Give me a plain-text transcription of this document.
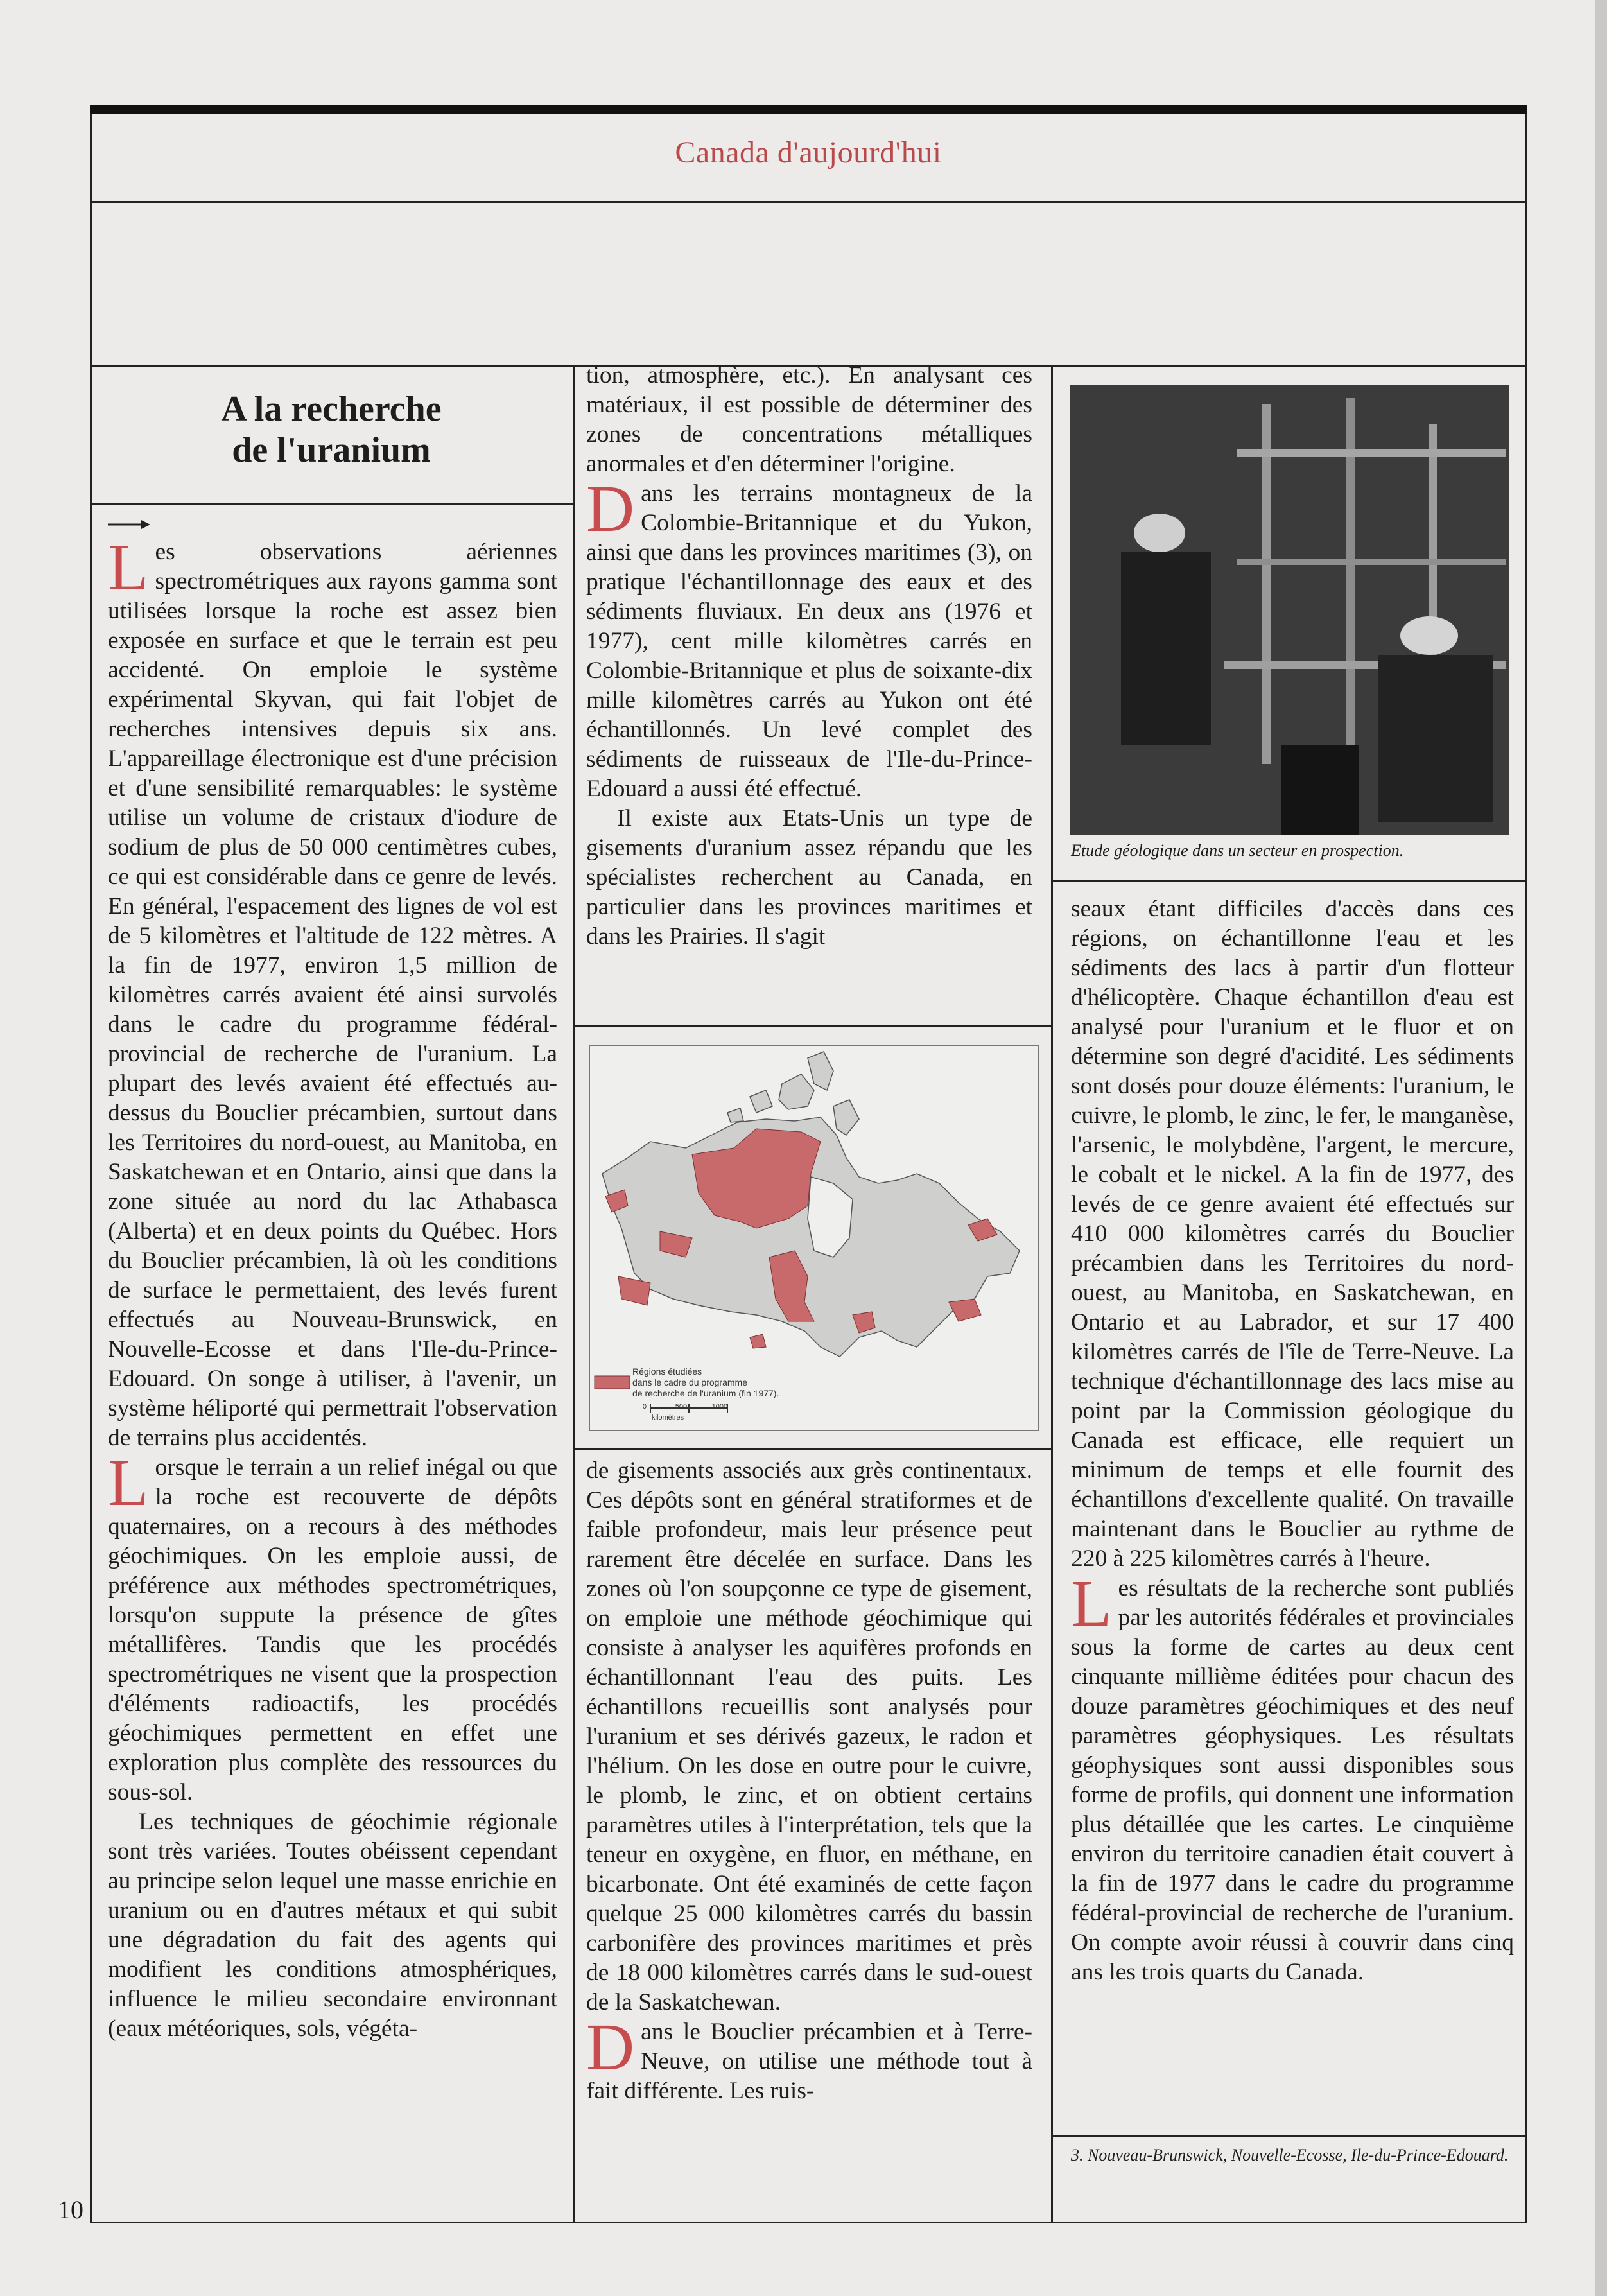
Canada d'aujourd'hui
A la recherche
de l'uranium

Les observations aériennes spectrométriques aux rayons gamma sont utilisées lorsque la roche est assez bien exposée en surface et que le terrain est peu accidenté. On emploie le système expérimental Skyvan, qui fait l'objet de recherches intensives depuis six ans. L'appareillage électronique est d'une précision et d'une sensibilité remarquables: le système utilise un volume de cristaux d'iodure de sodium de plus de 50 000 centimètres cubes, ce qui est considérable dans ce genre de levés. En général, l'espacement des lignes de vol est de 5 kilomètres et l'altitude de 122 mètres. A la fin de 1977, environ 1,5 million de kilomètres carrés avaient été ainsi survolés dans le cadre du programme fédéral-provincial de recherche de l'uranium. La plupart des levés avaient été effectués au-dessus du Bouclier précambien, surtout dans les Territoires du nord-ouest, au Manitoba, en Saskatchewan et en Ontario, ainsi que dans la zone située au nord du lac Athabasca (Alberta) et en deux points du Québec. Hors du Bouclier précambien, là où les conditions de surface le permettaient, des levés furent effectués au Nouveau-Brunswick, en Nouvelle-Ecosse et dans l'Ile-du-Prince-Edouard. On songe à utiliser, à l'avenir, un système héliporté qui permettrait l'observation de terrains plus accidentés.

Lorsque le terrain a un relief inégal ou que la roche est recouverte de dépôts quaternaires, on a recours à des méthodes géochimiques. On les emploie aussi, de préférence aux méthodes spectrométriques, lorsqu'on suppute la présence de gîtes métallifères. Tandis que les procédés spectrométriques ne visent que la prospection d'éléments radioactifs, les procédés géochimiques permettent en effet une exploration plus complète des ressources du sous-sol.

Les techniques de géochimie régionale sont très variées. Toutes obéissent cependant au principe selon lequel une masse enrichie en uranium ou en d'autres métaux et qui subit une dégradation du fait des agents qui modifient les conditions atmosphériques, influence le milieu secondaire environnant (eaux météoriques, sols, végéta-

tion, atmosphère, etc.). En analysant ces matériaux, il est possible de déterminer des zones de concentrations métalliques anormales et d'en déterminer l'origine.

Dans les terrains montagneux de la Colombie-Britannique et du Yukon, ainsi que dans les provinces maritimes (3), on pratique l'échantillonnage des eaux et des sédiments fluviaux. En deux ans (1976 et 1977), cent mille kilomètres carrés en Colombie-Britannique et plus de soixante-dix mille kilomètres carrés au Yukon ont été échantillonnés. Un levé complet des sédiments de ruisseaux de l'Ile-du-Prince-Edouard a aussi été effectué.

Il existe aux Etats-Unis un type de gisements d'uranium assez répandu que les spécialistes recherchent au Canada, en particulier dans les provinces maritimes et dans les Prairies. Il s'agit

Régions étudiées
dans le cadre du programme
de recherche de l'uranium (fin 1977).
0	500	1000
kilomètres

de gisements associés aux grès continentaux. Ces dépôts sont en général stratiformes et de faible profondeur, mais leur présence peut rarement être décelée en surface. Dans les zones où l'on soupçonne ce type de gisement, on emploie une méthode géochimique qui consiste à analyser les aquifères profonds en échantillonnant l'eau des puits. Les échantillons recueillis sont analysés pour l'uranium et ses dérivés gazeux, le radon et l'hélium. On les dose en outre pour le cuivre, le plomb, le zinc, et on obtient certains paramètres utiles à l'interprétation, tels que la teneur en oxygène, en fluor, en méthane, en bicarbonate. Ont été examinés de cette façon quelque 25 000 kilomètres carrés du bassin carbonifère des provinces maritimes et près de 18 000 kilomètres carrés dans le sud-ouest de la Saskatchewan.

Dans le Bouclier précambien et à Terre-Neuve, on utilise une méthode tout à fait différente. Les ruis-

Etude géologique dans un secteur en prospection.

seaux étant difficiles d'accès dans ces régions, on échantillonne l'eau et les sédiments des lacs à partir d'un flotteur d'hélicoptère. Chaque échantillon d'eau est analysé pour l'uranium et le fluor et on détermine son degré d'acidité. Les sédiments sont dosés pour douze éléments: l'uranium, le cuivre, le plomb, le zinc, le fer, le manganèse, l'arsenic, le molybdène, l'argent, le mercure, le cobalt et le nickel. A la fin de 1977, des levés de ce genre avaient été effectués sur 410 000 kilomètres carrés du Bouclier précambien dans les Territoires du nord-ouest, au Manitoba, en Saskatchewan, en Ontario et au Labrador, et sur 17 400 kilomètres carrés de l'île de Terre-Neuve. La technique d'échantillonnage des lacs mise au point par la Commission géologique du Canada est efficace, elle requiert un minimum de temps et elle fournit des échantillons d'excellente qualité. On travaille maintenant dans le Bouclier au rythme de 220 à 225 kilomètres carrés à l'heure.

Les résultats de la recherche sont publiés par les autorités fédérales et provinciales sous la forme de cartes au deux cent cinquante millième éditées pour chacun des douze paramètres géochimiques et des neuf paramètres géophysiques. Les résultats géophysiques sont aussi disponibles sous forme de profils, qui donnent une information plus détaillée que les cartes. Le cinquième environ du territoire canadien était couvert à la fin de 1977 dans le cadre du programme fédéral-provincial de recherche de l'uranium. On compte avoir réussi à couvrir dans cinq ans les trois quarts du Canada.

3. Nouveau-Brunswick, Nouvelle-Ecosse, Ile-du-Prince-Edouard.
10
